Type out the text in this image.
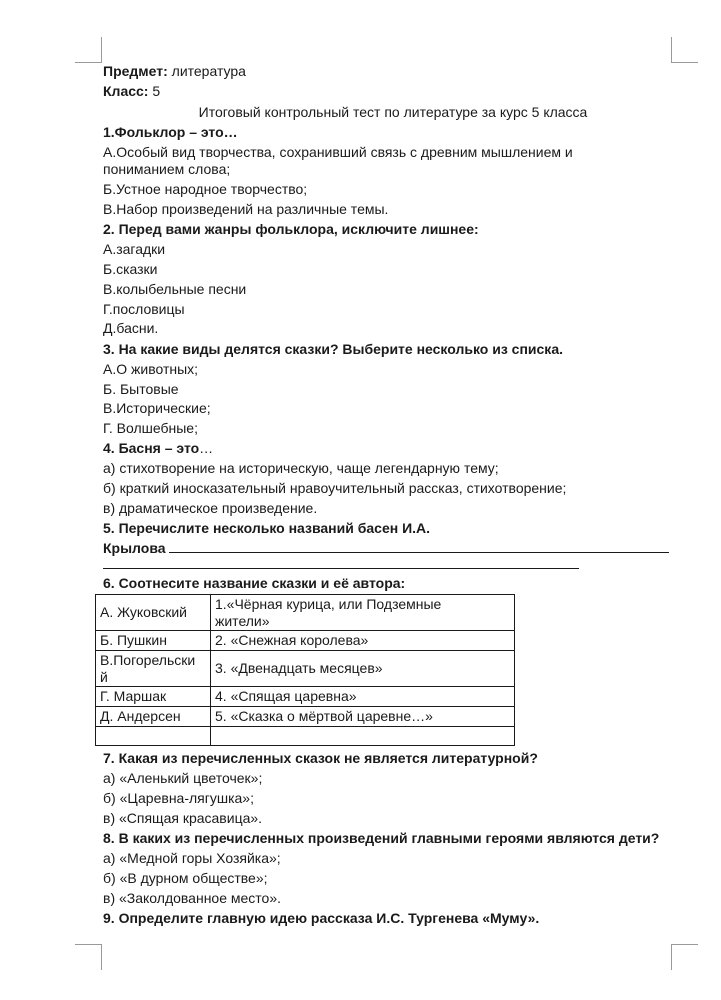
Предмет: литература
Класс: 5
Итоговый контрольный тест по литературе за курс 5 класса
1.Фольклор – это…
А.Особый вид творчества, сохранивший связь с древним мышлением и
пониманием слова;
Б.Устное народное творчество;
В.Набор произведений на различные темы.
2. Перед вами жанры фольклора, исключите лишнее:
А.загадки
Б.сказки
В.колыбельные песни
Г.пословицы
Д.басни.
3. На какие виды делятся сказки? Выберите несколько из списка.
А.О животных;
Б. Бытовые
В.Исторические;
Г. Волшебные;
4. Басня – это…
а) стихотворение на историческую, чаще легендарную тему;
б) краткий иносказательный нравоучительный рассказ, стихотворение;
в) драматическое произведение.
5. Перечислите несколько названий басен И.А.
Крылова
6. Соотнесите название сказки и её автора:
А. Жуковский	1.«Чёрная курица, или Подземные
жители»

Б. Пушкин	2. «Снежная королева»

В.Погорельски
й	3. «Двенадцать месяцев»
Г. Маршак	4. «Спящая царевна»
Д. Андерсен	5. «Сказка о мёртвой царевне…»

7. Какая из перечисленных сказок не является литературной?
а) «Аленький цветочек»;
б) «Царевна-лягушка»;
в) «Спящая красавица».
8. В каких из перечисленных произведений главными героями являются дети?
а) «Медной горы Хозяйка»;
б) «В дурном обществе»;
в) «Заколдованное место».
9. Определите главную идею рассказа И.С. Тургенева «Муму».
